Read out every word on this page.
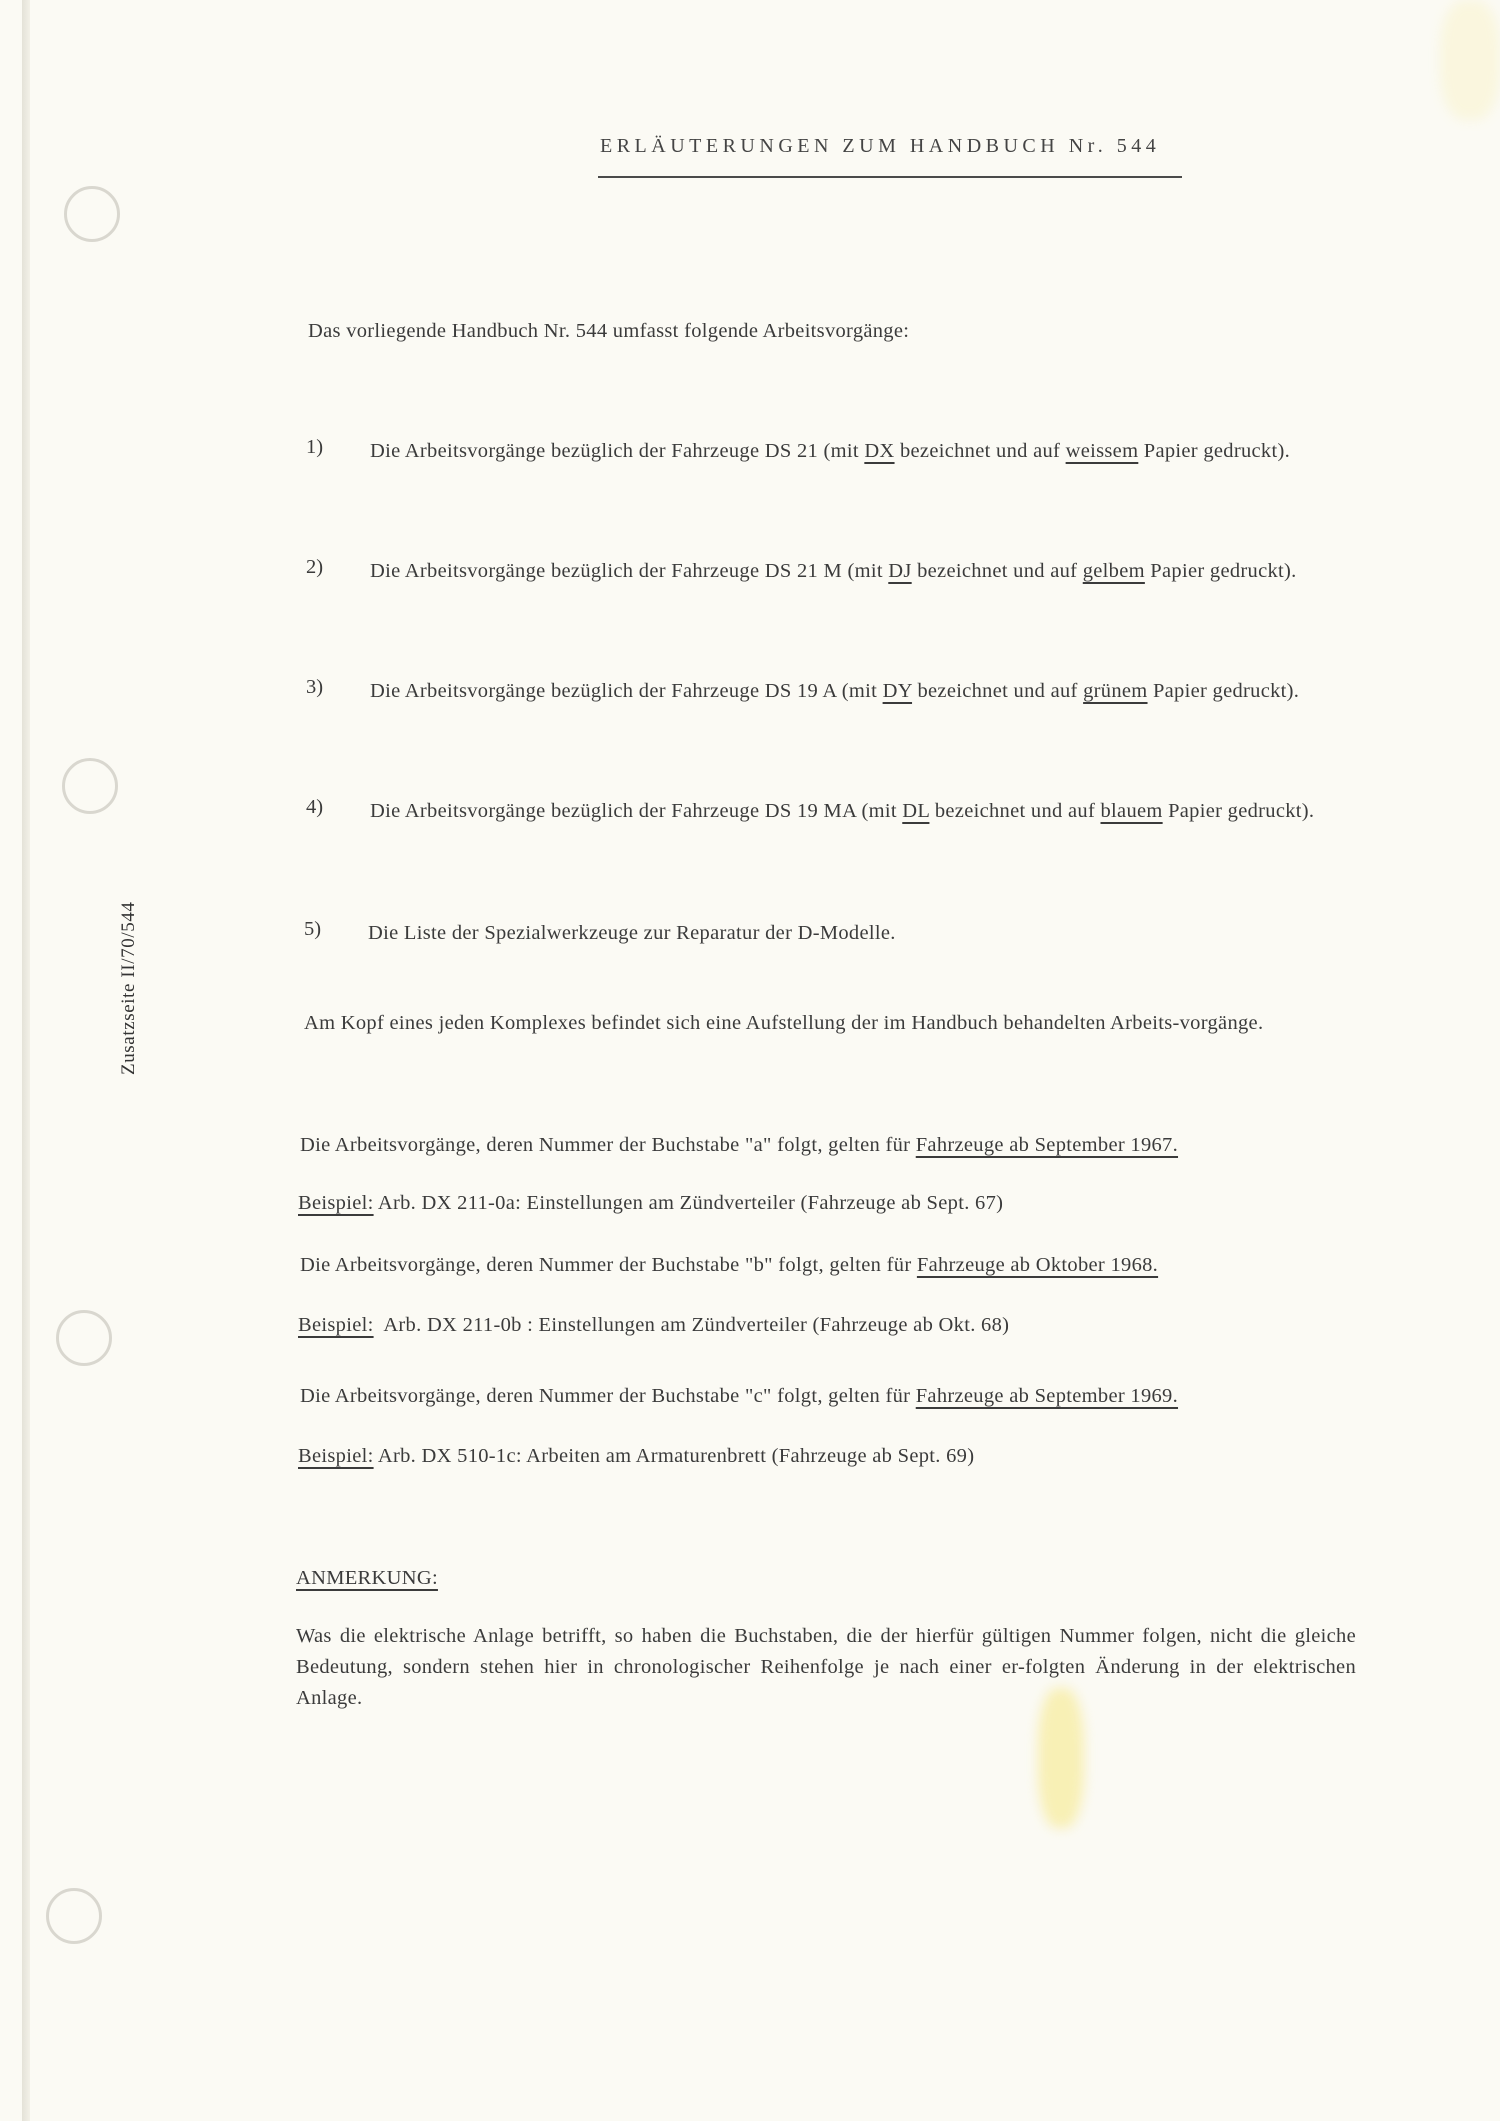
ERLÄUTERUNGEN ZUM HANDBUCH Nr. 544
Zusatzseite II/70/544
Das vorliegende Handbuch Nr. 544 umfasst folgende Arbeitsvorgänge:
1) Die Arbeitsvorgänge bezüglich der Fahrzeuge DS 21 (mit DX bezeichnet und auf weissem Papier gedruckt).
2) Die Arbeitsvorgänge bezüglich der Fahrzeuge DS 21 M (mit DJ bezeichnet und auf gelbem Papier gedruckt).
3) Die Arbeitsvorgänge bezüglich der Fahrzeuge DS 19 A (mit DY bezeichnet und auf grünem Papier gedruckt).
4) Die Arbeitsvorgänge bezüglich der Fahrzeuge DS 19 MA (mit DL bezeichnet und auf blauem Papier gedruckt).
5) Die Liste der Spezialwerkzeuge zur Reparatur der D-Modelle.
Am Kopf eines jeden Komplexes befindet sich eine Aufstellung der im Handbuch behandelten Arbeits-vorgänge.
Die Arbeitsvorgänge, deren Nummer der Buchstabe "a" folgt, gelten für Fahrzeuge ab September 1967.
Beispiel: Arb. DX 211-0a: Einstellungen am Zündverteiler (Fahrzeuge ab Sept. 67)
Die Arbeitsvorgänge, deren Nummer der Buchstabe "b" folgt, gelten für Fahrzeuge ab Oktober 1968.
Beispiel:  Arb. DX 211-0b : Einstellungen am Zündverteiler (Fahrzeuge ab Okt. 68)
Die Arbeitsvorgänge, deren Nummer der Buchstabe "c" folgt, gelten für Fahrzeuge ab September 1969.
Beispiel: Arb. DX 510-1c: Arbeiten am Armaturenbrett (Fahrzeuge ab Sept. 69)
ANMERKUNG:
Was die elektrische Anlage betrifft, so haben die Buchstaben, die der hierfür gültigen Nummer folgen, nicht die gleiche Bedeutung, sondern stehen hier in chronologischer Reihenfolge je nach einer er-folgten Änderung in der elektrischen Anlage.
